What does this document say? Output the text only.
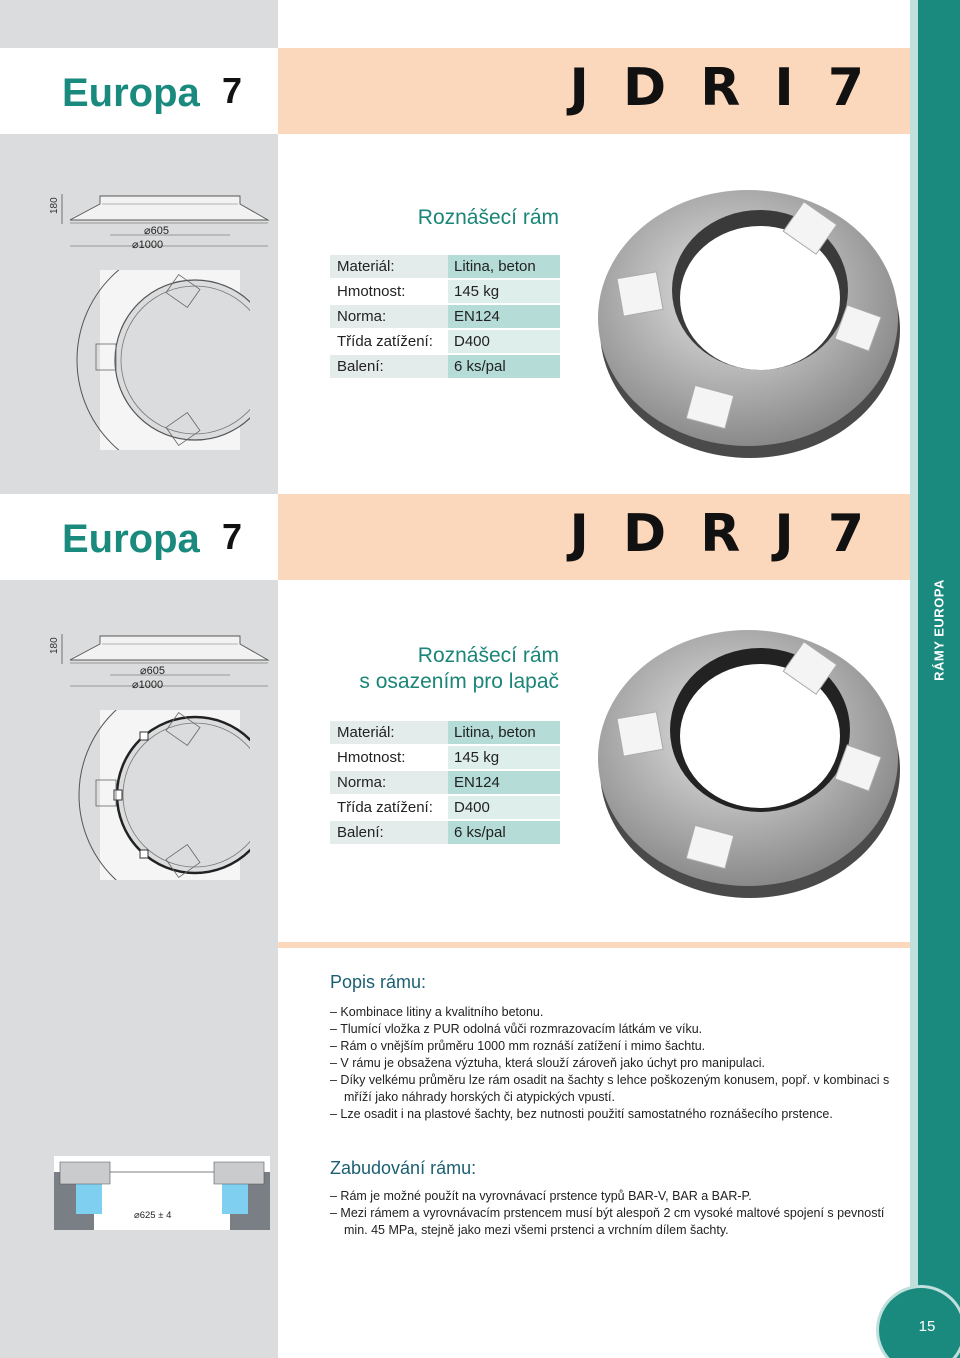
RÁMY EUROPA
Europa 7	J D R I 7
180
⌀605
⌀1000
Roznášecí rám
Materiál:	Litina, beton
Hmotnost:	145 kg
Norma:	EN124
Třída zatížení:	D400
Balení:	6 ks/pal
Europa 7	J D R J 7
180
⌀605
⌀1000
Roznášecí rám
s osazením pro lapač
Materiál:	Litina, beton
Hmotnost:	145 kg
Norma:	EN124
Třída zatížení:	D400
Balení:	6 ks/pal
Popis rámu:
– Kombinace litiny a kvalitního betonu.
– Tlumící vložka z PUR odolná vůči rozmrazovacím látkám ve víku.
– Rám o vnějším průměru 1000 mm roznáší zatížení i mimo šachtu.
– V rámu je obsažena výztuha, která slouží zároveň jako úchyt pro manipulaci.
– Díky velkému průměru lze rám osadit na šachty s lehce poškozeným konusem, popř. v kombinaci s mříží jako náhrady horských či atypických vpustí.
– Lze osadit i na plastové šachty, bez nutnosti použití samostatného roznášecího prstence.
⌀625 ± 4
Zabudování rámu:
– Rám je možné použít na vyrovnávací prstence typů BAR-V, BAR a BAR-P.
– Mezi rámem a vyrovnávacím prstencem musí být alespoň 2 cm vysoké maltové spojení s pevností min. 45 MPa, stejně jako mezi všemi prstenci a vrchním dílem šachty.
15
